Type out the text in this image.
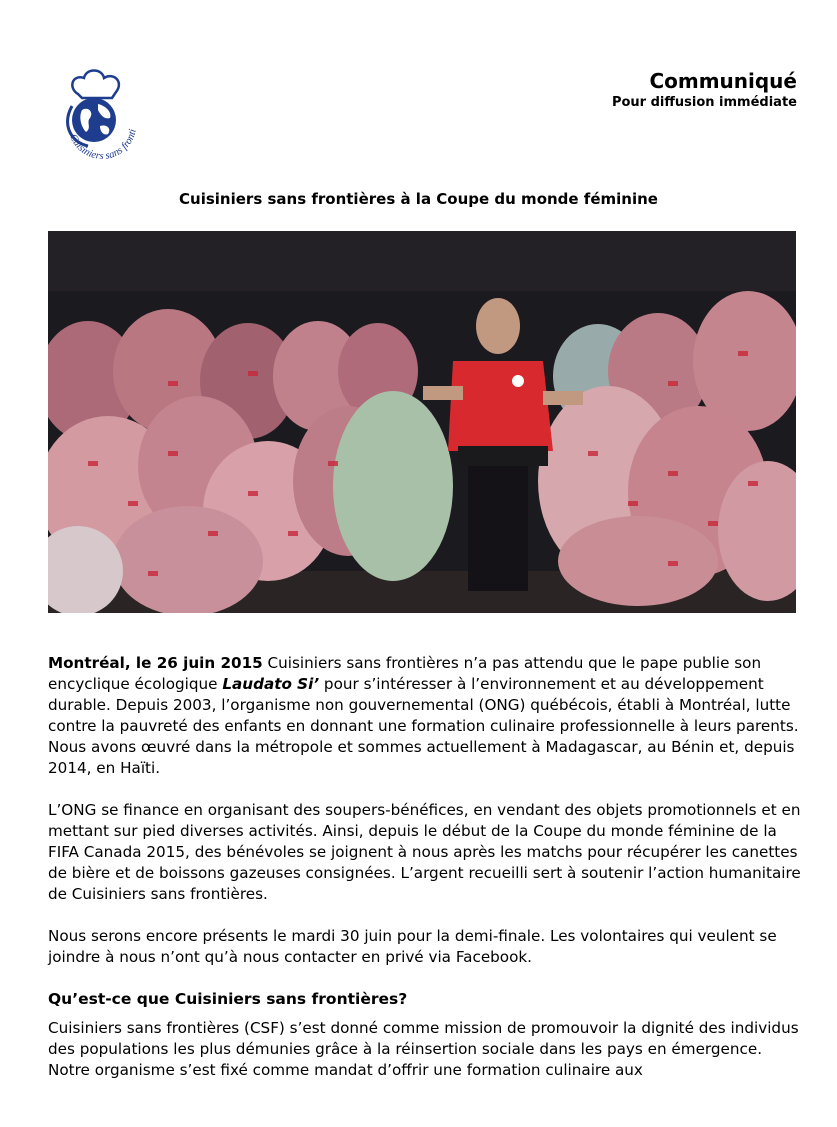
Cuisiniers sans fronti
Communiqué
Pour diffusion immédiate
Cuisiniers sans frontières à la Coupe du monde féminine

Montréal, le 26 juin 2015 Cuisiniers sans frontières n’a pas attendu que le pape publie son encyclique écologique Laudato Si’ pour s’intéresser à l’environnement et au développement durable. Depuis 2003, l’organisme non gouvernemental (ONG) québécois, établi à Montréal, lutte contre la pauvreté des enfants en donnant une formation culinaire professionnelle à leurs parents. Nous avons œuvré dans la métropole et sommes actuellement à Madagascar, au Bénin et, depuis 2014, en Haïti.

L’ONG se finance en organisant des soupers-bénéfices, en vendant des objets promotionnels et en mettant sur pied diverses activités. Ainsi, depuis le début de la Coupe du monde féminine de la FIFA Canada 2015, des bénévoles se joignent à nous après les matchs pour récupérer les canettes de bière et de boissons gazeuses consignées. L’argent recueilli sert à soutenir l’action humanitaire de Cuisiniers sans frontières.

Nous serons encore présents le mardi 30 juin pour la demi-finale. Les volontaires qui veulent se joindre à nous n’ont qu’à nous contacter en privé via Facebook.

Qu’est-ce que Cuisiniers sans frontières?

Cuisiniers sans frontières (CSF) s’est donné comme mission de promouvoir la dignité des individus des populations les plus démunies grâce à la réinsertion sociale dans les pays en émergence. Notre organisme s’est fixé comme mandat d’offrir une formation culinaire aux
